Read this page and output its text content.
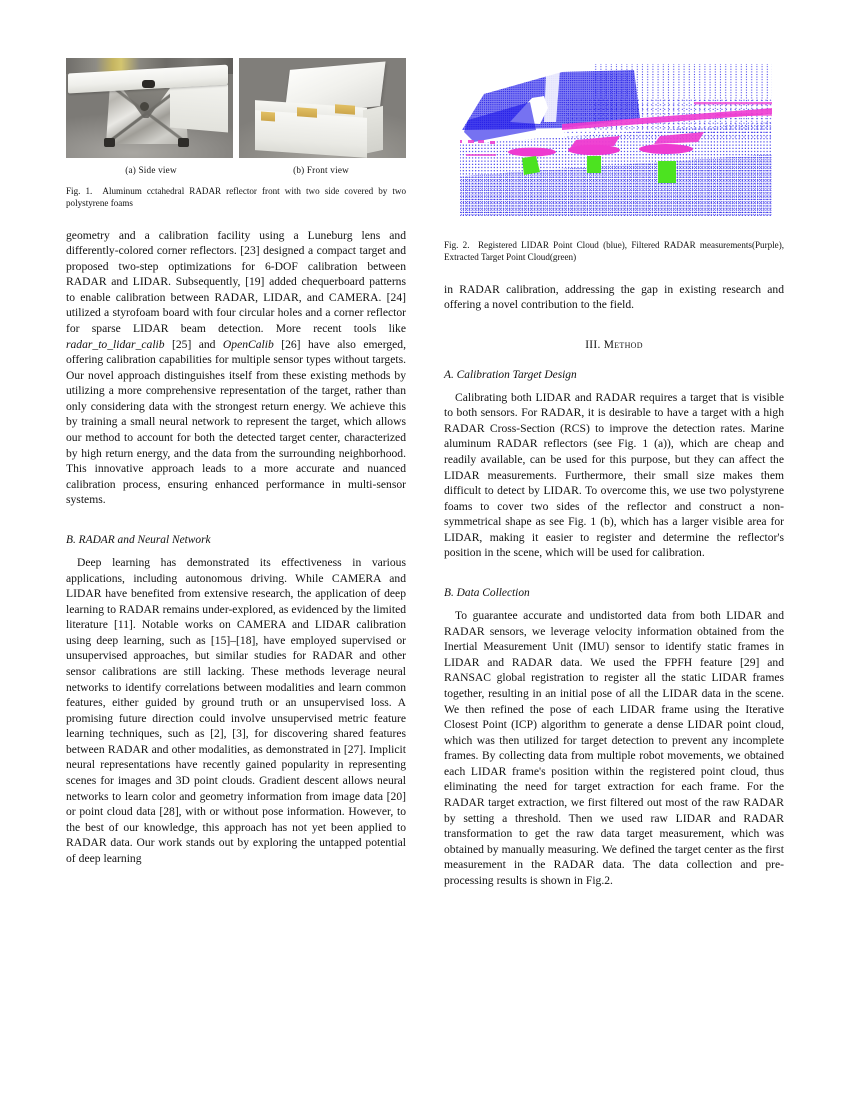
(a) Side view	(b) Front view
Fig. 1. Aluminum cctahedral RADAR reflector front with two side covered by two polystyrene foams

geometry and a calibration facility using a Luneburg lens and differently-colored corner reflectors. [23] designed a compact target and proposed two-step optimizations for 6-DOF calibration between RADAR and LIDAR. Subsequently, [19] added chequerboard patterns to enable calibration between RADAR, LIDAR, and CAMERA. [24] utilized a styrofoam board with four circular holes and a corner reflector for sparse LIDAR beam detection. More recent tools like radar_to_lidar_calib [25] and OpenCalib [26] have also emerged, offering calibration capabilities for multiple sensor types without targets. Our novel approach distinguishes itself from these existing methods by utilizing a more comprehensive representation of the target, rather than only considering data with the strongest return energy. We achieve this by training a small neural network to represent the target, which allows our method to account for both the detected target center, characterized by high return energy, and the data from the surrounding neighborhood. This innovative approach leads to a more accurate and nuanced calibration process, ensuring enhanced performance in multi-sensor systems.

B. RADAR and Neural Network

Deep learning has demonstrated its effectiveness in various applications, including autonomous driving. While CAMERA and LIDAR have benefited from extensive research, the application of deep learning to RADAR remains under-explored, as evidenced by the limited literature [11]. Notable works on CAMERA and LIDAR calibration using deep learning, such as [15]–[18], have employed supervised or unsupervised approaches, but similar studies for RADAR and other sensor calibrations are still lacking. These methods leverage neural networks to identify correlations between modalities and learn common features, either guided by ground truth or an unsupervised loss. A promising future direction could involve unsupervised metric feature learning techniques, such as [2], [3], for discovering shared features between RADAR and other modalities, as demonstrated in [27]. Implicit neural representations have recently gained popularity in representing scenes for images and 3D point clouds. Gradient descent allows neural networks to learn color and geometry information from image data [20] or point cloud data [28], with or without pose information. However, to the best of our knowledge, this approach has not yet been applied to RADAR data. Our work stands out by exploring the untapped potential of deep learning

Fig. 2. Registered LIDAR Point Cloud (blue), Filtered RADAR measurements(Purple), Extracted Target Point Cloud(green)

in RADAR calibration, addressing the gap in existing research and offering a novel contribution to the field.

III. Method
A. Calibration Target Design

Calibrating both LIDAR and RADAR requires a target that is visible to both sensors. For RADAR, it is desirable to have a target with a high RADAR Cross-Section (RCS) to improve the detection rates. Marine aluminum RADAR reflectors (see Fig. 1 (a)), which are cheap and readily available, can be used for this purpose, but they can affect the LIDAR measurements. Furthermore, their small size makes them difficult to detect by LIDAR. To overcome this, we use two polystyrene foams to cover two sides of the reflector and construct a non-symmetrical shape as see Fig. 1 (b), which has a larger visible area for LIDAR, making it easier to register and determine the reflector's position in the scene, which will be used for calibration.

B. Data Collection

To guarantee accurate and undistorted data from both LIDAR and RADAR sensors, we leverage velocity information obtained from the Inertial Measurement Unit (IMU) sensor to identify static frames in LIDAR and RADAR data. We used the FPFH feature [29] and RANSAC global registration to register all the static LIDAR frames together, resulting in an initial pose of all the LIDAR data in the scene. We then refined the pose of each LIDAR frame using the Iterative Closest Point (ICP) algorithm to generate a dense LIDAR point cloud, which was then utilized for target detection to prevent any incomplete frames. By collecting data from multiple robot movements, we obtained each LIDAR frame's position within the registered point cloud, thus eliminating the need for target extraction for each frame. For the RADAR target extraction, we first filtered out most of the raw RADAR by setting a threshold. Then we used raw LIDAR and RADAR transformation to get the raw data target measurement, which was obtained by manually measuring. We defined the target center as the first measurement in the RADAR data. The data collection and pre-processing results is shown in Fig.2.
